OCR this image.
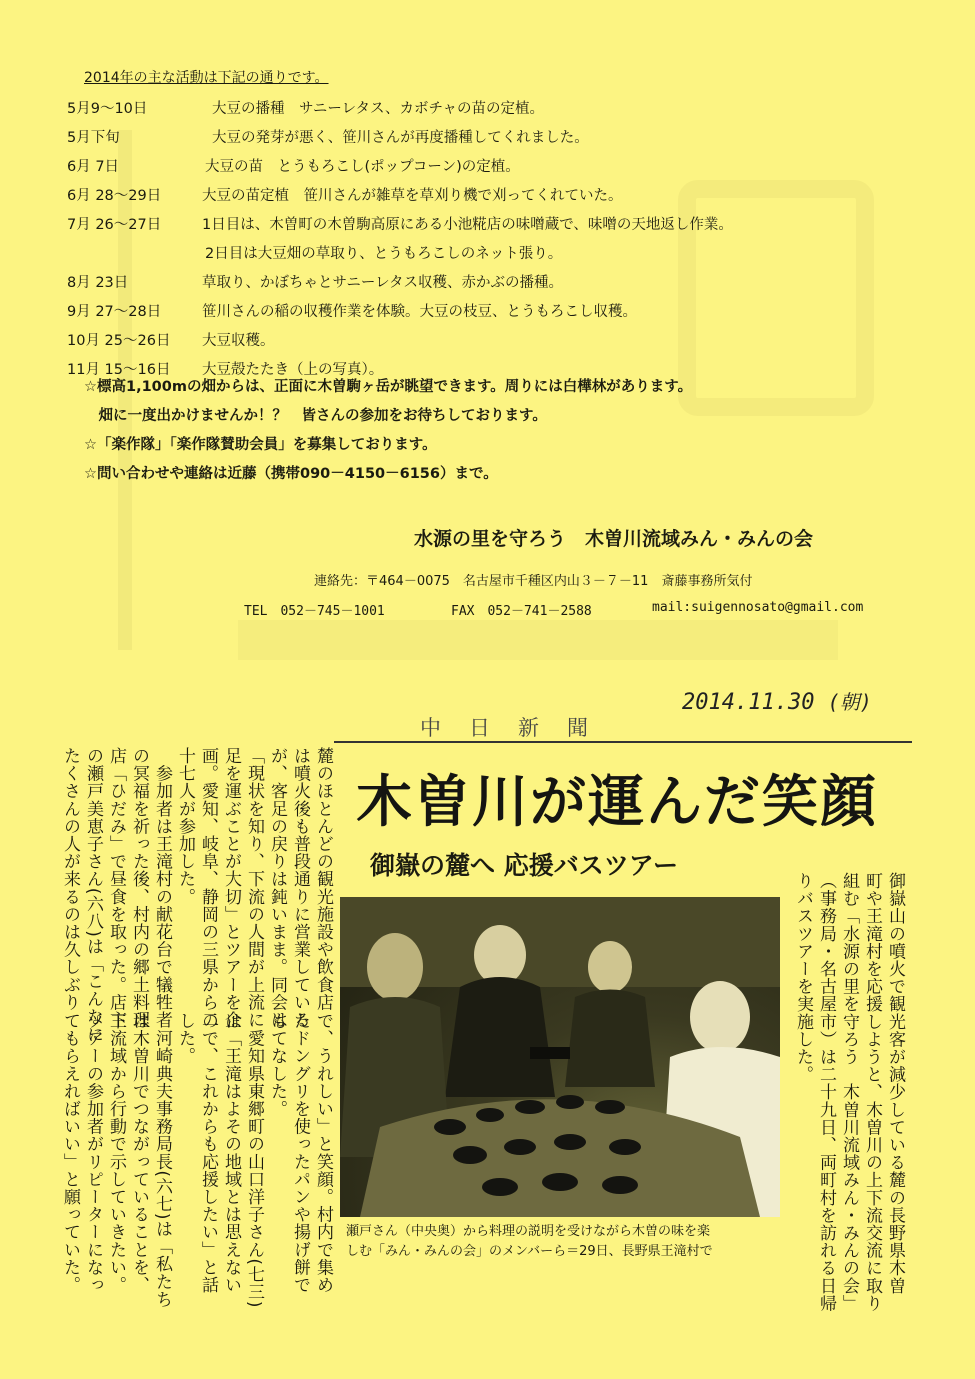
2014年の主な活動は下記の通りです。
5月9～10日	大豆の播種　サニーレタス、カボチャの苗の定植。
5月下旬	大豆の発芽が悪く、笹川さんが再度播種してくれました。
6月 7日	大豆の苗　とうもろこし(ポップコーン)の定植。
6月 28～29日	大豆の苗定植　笹川さんが雑草を草刈り機で刈ってくれていた。
7月 26～27日	1日目は、木曽町の木曽駒高原にある小池糀店の味噌蔵で、味噌の天地返し作業。
2日目は大豆畑の草取り、とうもろこしのネット張り。
8月 23日	草取り、かぼちゃとサニーレタス収穫、赤かぶの播種。
9月 27～28日	笹川さんの稲の収穫作業を体験。大豆の枝豆、とうもろこし収穫。
10月 25～26日 大豆収穫。
11月 15～16日 大豆殻たたき（上の写真）。
☆標高1,100mの畑からは、正面に木曽駒ヶ岳が眺望できます。周りには白樺林があります。
　畑に一度出かけませんか！？　皆さんの参加をお待ちしております。
☆「楽作隊」「楽作隊賛助会員」を募集しております。
☆問い合わせや連絡は近藤（携帯090－4150－6156）まで。
水源の里を守ろう　木曽川流域みん・みんの会
連絡先：〒464－0075　名古屋市千種区内山３－７－11　斎藤事務所気付
TEL　052－745－1001	FAX　052－741－2588	mail:suigennosato@gmail.com
2014.11.30 (朝)
中日新聞
木曽川が運んだ笑顔
御嶽の麓へ 応援バスツアー
御嶽山の噴火で観光客が減少している麓の長野県木曽
町や王滝村を応援しようと、木曽川の上下流交流に取り
組む「水源の里を守ろう　木曽川流域みん・みんの会」
（事務局・名古屋市）は二十九日、両町村を訪れる日帰
りバスツアーを実施した。
瀬戸さん（中央奥）から料理の説明を受けながら木曽の味を楽
しむ「みん・みんの会」のメンバーら＝29日、長野県王滝村で
で、うれしい」と笑顔。村内で集め
たドングリを使ったパンや揚げ餅で
もてなした。
　愛知県東郷町の山口洋子さん(七三)
は「王滝はよその地域とは思えない
ので、これからも応援したい」と話
した。
　河崎典夫事務局長(六七)は「私たち
は木曽川でつながっていることを、
下流域から行動で示していきたい。
ツアーの参加者がリピーターになっ
てもらえればいい」と願っていた。
麓のほとんどの観光施設や飲食店
は噴火後も普段通りに営業している
が、客足の戻りは鈍いまま。同会は
「現状を知り、下流の人間が上流に
足を運ぶことが大切」とツアーを企
画。愛知、岐阜、静岡の三県から二
十七人が参加した。
　参加者は王滝村の献花台で犠牲者
の冥福を祈った後、村内の郷土料理
店「ひだみ」で昼食を取った。店主
の瀬戸美恵子さん(六八)は「こんなに
たくさんの人が来るのは久しぶり
